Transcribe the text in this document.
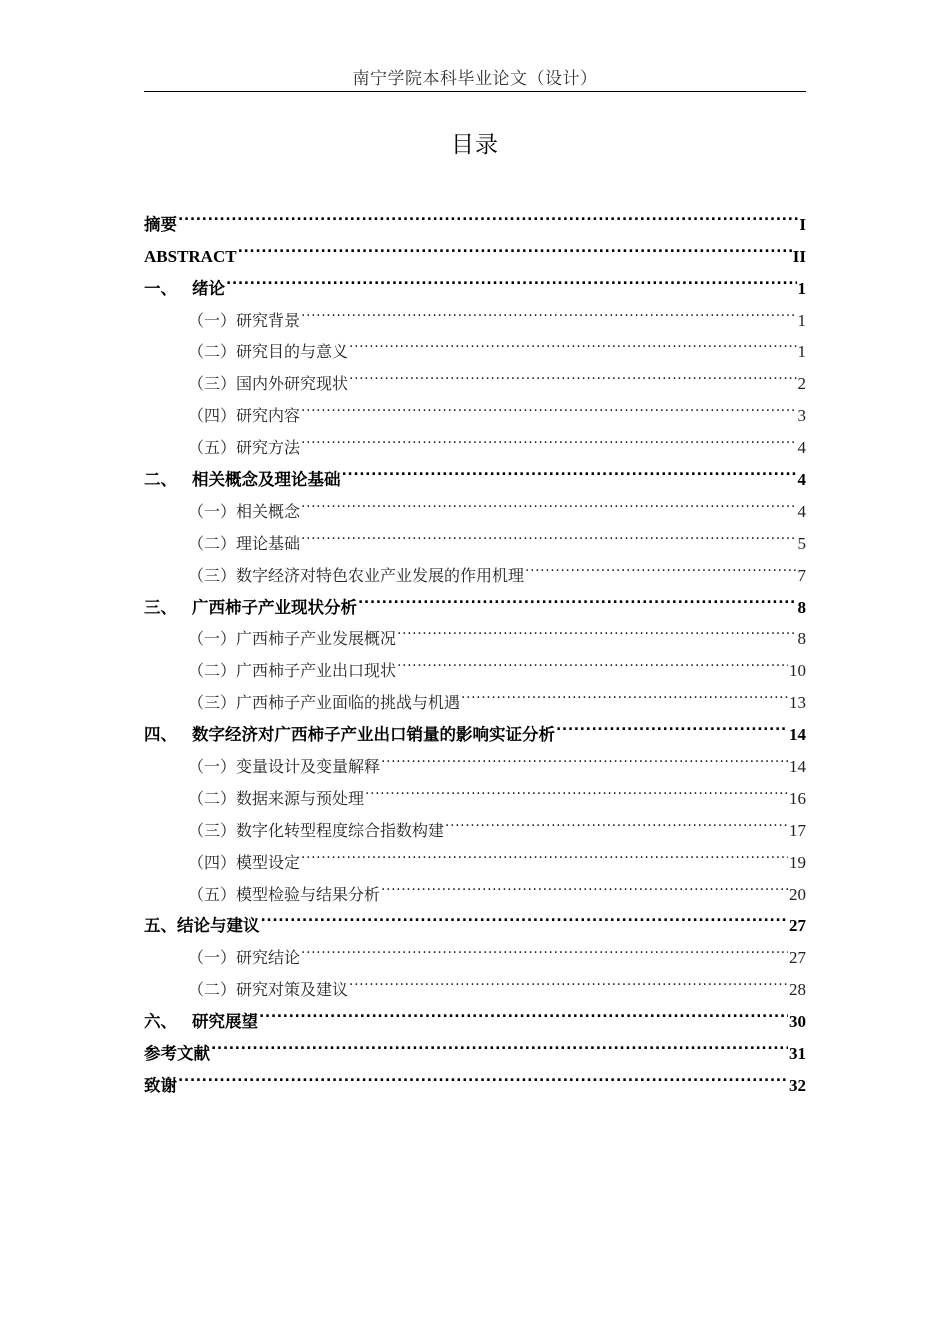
南宁学院本科毕业论文（设计）
目录
摘要 .....	I
ABSTRACT .....	II
一、 绪论 .....	1
（一）研究背景 .....	1
（二）研究目的与意义 .....	1
（三）国内外研究现状 .....	2
（四）研究内容 .....	3
（五）研究方法 .....	4
二、 相关概念及理论基础 .....	4
（一）相关概念 .....	4
（二）理论基础 .....	5
（三）数字经济对特色农业产业发展的作用机理 .....	7
三、 广西柿子产业现状分析 .....	8
（一）广西柿子产业发展概况 .....	8
（二）广西柿子产业出口现状 .....	10
（三）广西柿子产业面临的挑战与机遇 .....	13
四、 数字经济对广西柿子产业出口销量的影响实证分析 .....	14
（一）变量设计及变量解释 .....	14
（二）数据来源与预处理 .....	16
（三）数字化转型程度综合指数构建 .....	17
（四）模型设定 .....	19
（五）模型检验与结果分析 .....	20
五、结论与建议 .....	27
（一）研究结论 .....	27
（二）研究对策及建议 .....	28
六、 研究展望 .....	30
参考文献 .....	31
致谢 .....	32
